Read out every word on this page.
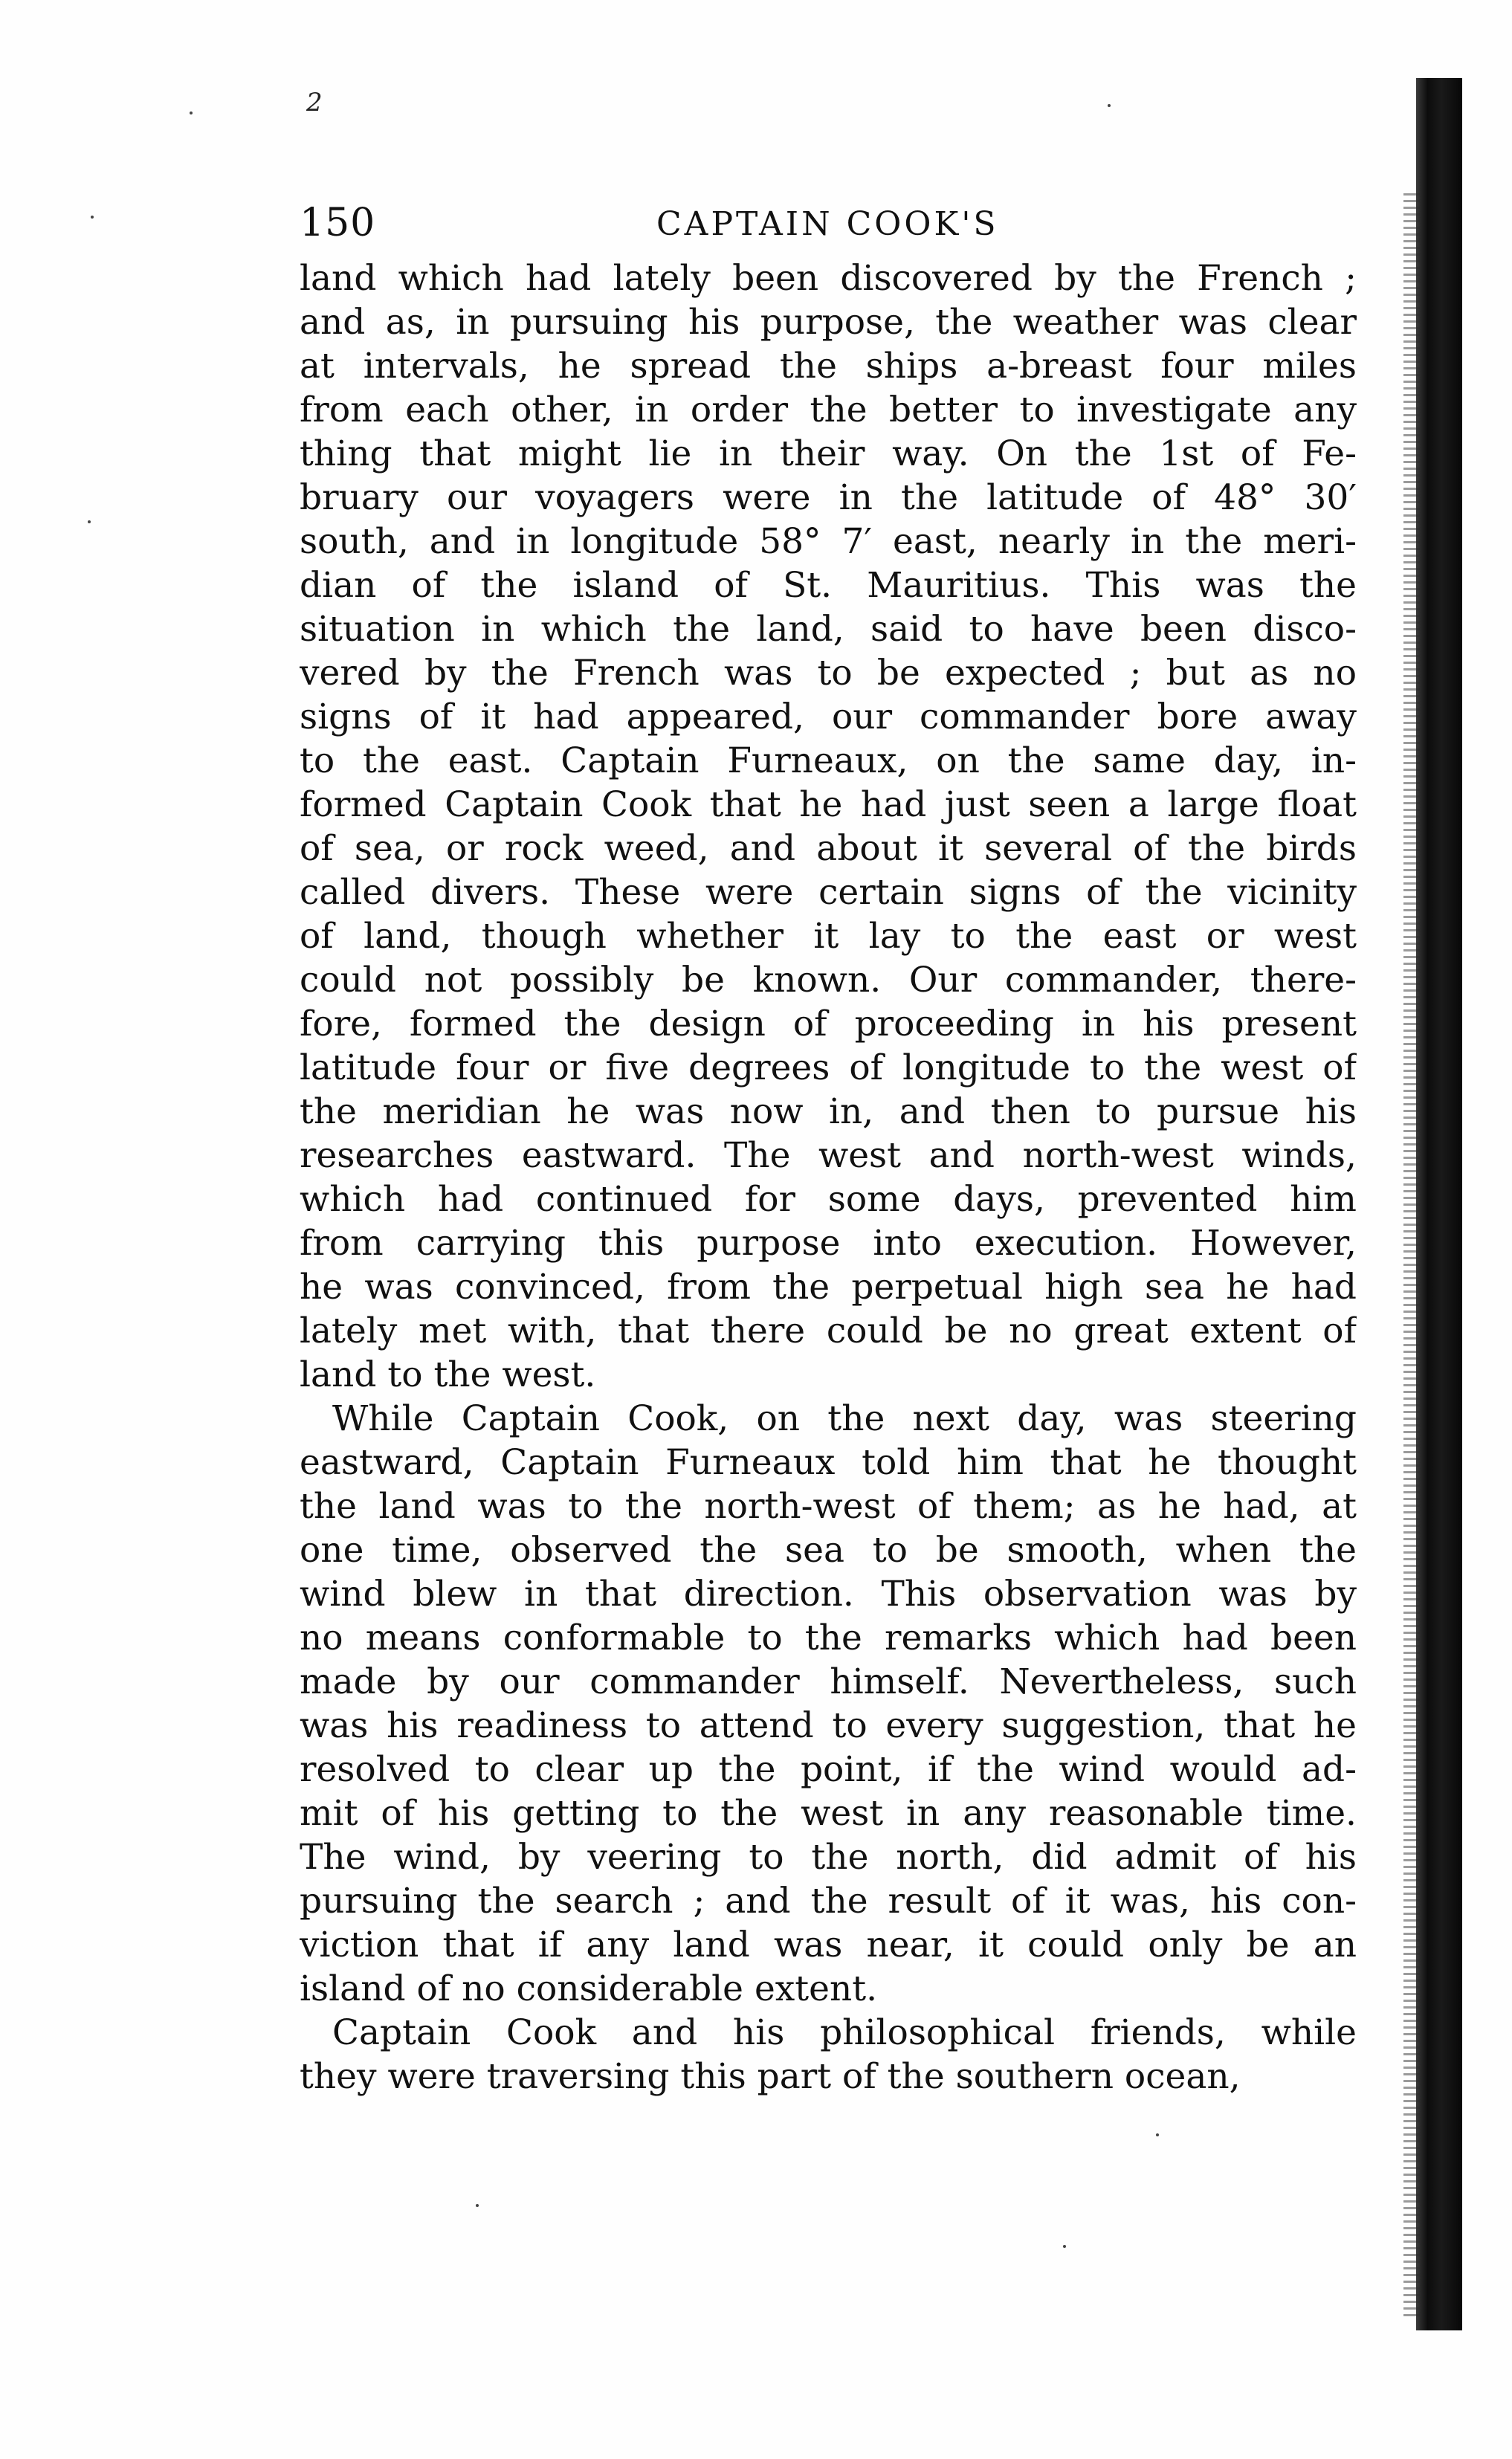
2
150	CAPTAIN COOK'S
land which had lately been discovered by the French ;
and as, in pursuing his purpose, the weather was clear
at intervals, he spread the ships a-breast four miles
from each other, in order the better to investigate any
thing that might lie in their way. On the 1st of Fe-
bruary our voyagers were in the latitude of 48° 30′
south, and in longitude 58° 7′ east, nearly in the meri-
dian of the island of St. Mauritius. This was the
situation in which the land, said to have been disco-
vered by the French was to be expected ; but as no
signs of it had appeared, our commander bore away
to the east. Captain Furneaux, on the same day, in-
formed Captain Cook that he had just seen a large float
of sea, or rock weed, and about it several of the birds
called divers. These were certain signs of the vicinity
of land, though whether it lay to the east or west
could not possibly be known. Our commander, there-
fore, formed the design of proceeding in his present
latitude four or five degrees of longitude to the west of
the meridian he was now in, and then to pursue his
researches eastward. The west and north-west winds,
which had continued for some days, prevented him
from carrying this purpose into execution. However,
he was convinced, from the perpetual high sea he had
lately met with, that there could be no great extent of
land to the west.
While Captain Cook, on the next day, was steering
eastward, Captain Furneaux told him that he thought
the land was to the north-west of them; as he had, at
one time, observed the sea to be smooth, when the
wind blew in that direction. This observation was by
no means conformable to the remarks which had been
made by our commander himself. Nevertheless, such
was his readiness to attend to every suggestion, that he
resolved to clear up the point, if the wind would ad-
mit of his getting to the west in any reasonable time.
The wind, by veering to the north, did admit of his
pursuing the search ; and the result of it was, his con-
viction that if any land was near, it could only be an
island of no considerable extent.
Captain Cook and his philosophical friends, while
they were traversing this part of the southern ocean,
